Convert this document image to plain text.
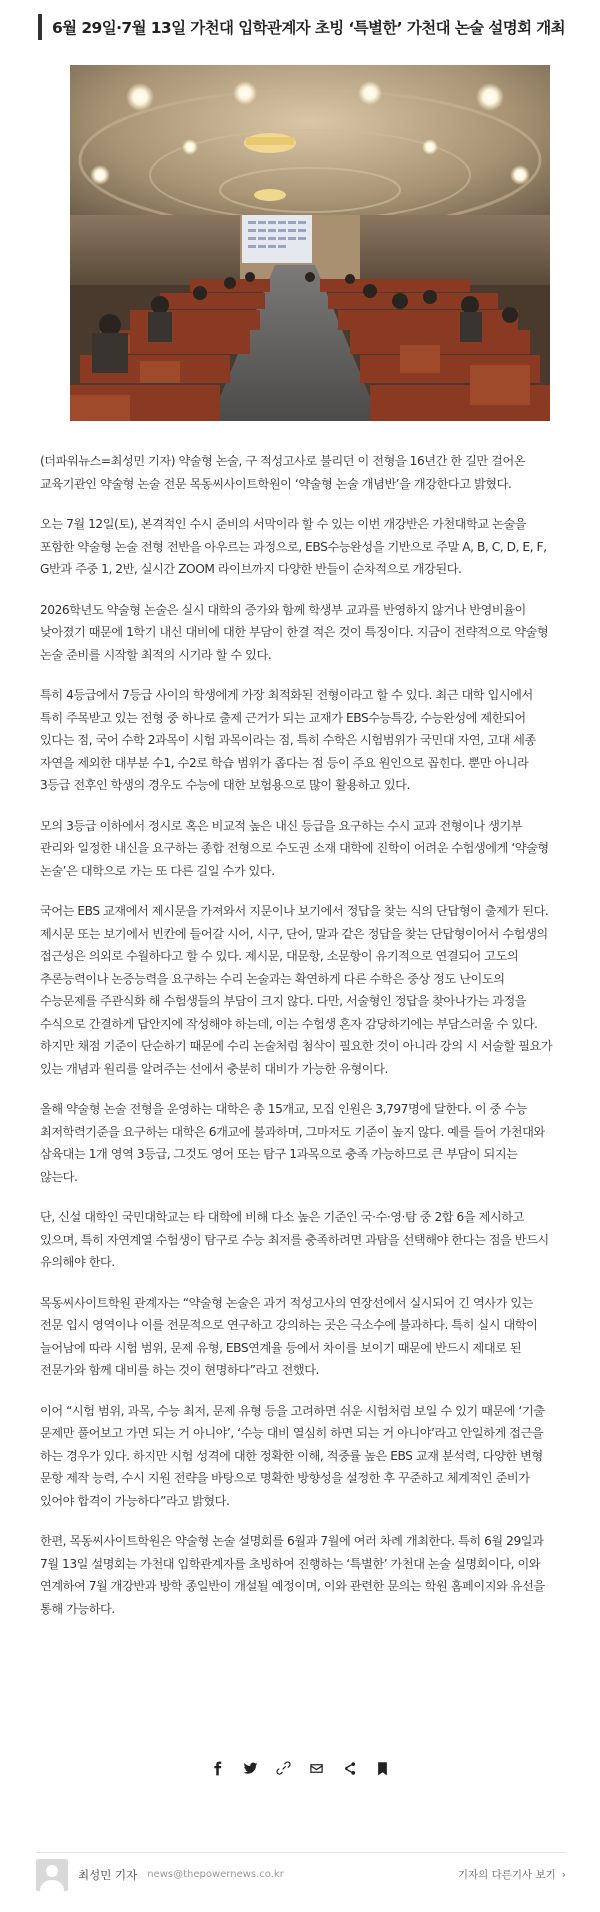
6월 29일·7월 13일 가천대 입학관계자 초빙 ‘특별한’ 가천대 논술 설명회 개최

(더파워뉴스=최성민 기자) 약술형 논술, 구 적성고사로 불리던 이 전형을 16년간 한 길만 걸어온 교육기관인 약술형 논술 전문 목동씨사이트학원이 ‘약술형 논술 개념반’을 개강한다고 밝혔다.

오는 7월 12일(토), 본격적인 수시 준비의 서막이라 할 수 있는 이번 개강반은 가천대학교 논술을 포함한 약술형 논술 전형 전반을 아우르는 과정으로, EBS수능완성을 기반으로 주말 A, B, C, D, E, F, G반과 주중 1, 2반, 실시간 ZOOM 라이브까지 다양한 반들이 순차적으로 개강된다.

2026학년도 약술형 논술은 실시 대학의 증가와 함께 학생부 교과를 반영하지 않거나 반영비율이 낮아졌기 때문에 1학기 내신 대비에 대한 부담이 한결 적은 것이 특징이다. 지금이 전략적으로 약술형 논술 준비를 시작할 최적의 시기라 할 수 있다.

특히 4등급에서 7등급 사이의 학생에게 가장 최적화된 전형이라고 할 수 있다. 최근 대학 입시에서 특히 주목받고 있는 전형 중 하나로 출제 근거가 되는 교재가 EBS수능특강, 수능완성에 제한되어 있다는 점, 국어 수학 2과목이 시험 과목이라는 점, 특히 수학은 시험범위가 국민대 자연, 고대 세종 자연을 제외한 대부분 수1, 수2로 학습 범위가 좁다는 점 등이 주요 원인으로 꼽힌다. 뿐만 아니라 3등급 전후인 학생의 경우도 수능에 대한 보험용으로 많이 활용하고 있다.

모의 3등급 이하에서 정시로 혹은 비교적 높은 내신 등급을 요구하는 수시 교과 전형이나 생기부 관리와 일정한 내신을 요구하는 종합 전형으로 수도권 소재 대학에 진학이 어려운 수험생에게 ‘약술형 논술’은 대학으로 가는 또 다른 길일 수가 있다.

국어는 EBS 교재에서 제시문을 가져와서 지문이나 보기에서 정답을 찾는 식의 단답형이 출제가 된다. 제시문 또는 보기에서 빈칸에 들어갈 시어, 시구, 단어, 말과 같은 정답을 찾는 단답형이어서 수험생의 접근성은 의외로 수월하다고 할 수 있다. 제시문, 대문항, 소문항이 유기적으로 연결되어 고도의 추론능력이나 논증능력을 요구하는 수리 논술과는 확연하게 다른 수학은 중상 정도 난이도의 수능문제를 주관식화 해 수험생들의 부담이 크지 않다. 다만, 서술형인 정답을 찾아나가는 과정을 수식으로 간결하게 답안지에 작성해야 하는데, 이는 수험생 혼자 감당하기에는 부담스러울 수 있다. 하지만 채점 기준이 단순하기 때문에 수리 논술처럼 첨삭이 필요한 것이 아니라 강의 시 서술할 필요가 있는 개념과 원리를 알려주는 선에서 충분히 대비가 가능한 유형이다.

올해 약술형 논술 전형을 운영하는 대학은 총 15개교, 모집 인원은 3,797명에 달한다. 이 중 수능 최저학력기준을 요구하는 대학은 6개교에 불과하며, 그마저도 기준이 높지 않다. 예를 들어 가천대와 삼육대는 1개 영역 3등급, 그것도 영어 또는 탐구 1과목으로 충족 가능하므로 큰 부담이 되지는 않는다.

단, 신설 대학인 국민대학교는 타 대학에 비해 다소 높은 기준인 국·수·영·탐 중 2합 6을 제시하고 있으며, 특히 자연계열 수험생이 탐구로 수능 최저를 충족하려면 과탐을 선택해야 한다는 점을 반드시 유의해야 한다.

목동씨사이트학원 관계자는 “약술형 논술은 과거 적성고사의 연장선에서 실시되어 긴 역사가 있는 전문 입시 영역이나 이를 전문적으로 연구하고 강의하는 곳은 극소수에 불과하다. 특히 실시 대학이 늘어남에 따라 시험 범위, 문제 유형, EBS연계율 등에서 차이를 보이기 때문에 반드시 제대로 된 전문가와 함께 대비를 하는 것이 현명하다”라고 전했다.

이어 “시험 범위, 과목, 수능 최저, 문제 유형 등을 고려하면 쉬운 시험처럼 보일 수 있기 때문에 ‘기출 문제만 풀어보고 가면 되는 거 아니야’, ‘수능 대비 열심히 하면 되는 거 아니야’라고 안일하게 접근을 하는 경우가 있다. 하지만 시험 성격에 대한 정확한 이해, 적중률 높은 EBS 교재 분석력, 다양한 변형 문항 제작 능력, 수시 지원 전략을 바탕으로 명확한 방향성을 설정한 후 꾸준하고 체계적인 준비가 있어야 합격이 가능하다”라고 밝혔다.

한편, 목동씨사이트학원은 약술형 논술 설명회를 6월과 7월에 여러 차례 개최한다. 특히 6월 29일과 7월 13일 설명회는 가천대 입학관계자를 초빙하여 진행하는 ‘특별한’ 가천대 논술 설명회이다, 이와 연계하여 7월 개강반과 방학 종일반이 개설될 예정이며, 이와 관련한 문의는 학원 홈페이지와 유선을 통해 가능하다.

최성민 기자 news@thepowernews.co.kr	기자의 다른기사 보기 ›
